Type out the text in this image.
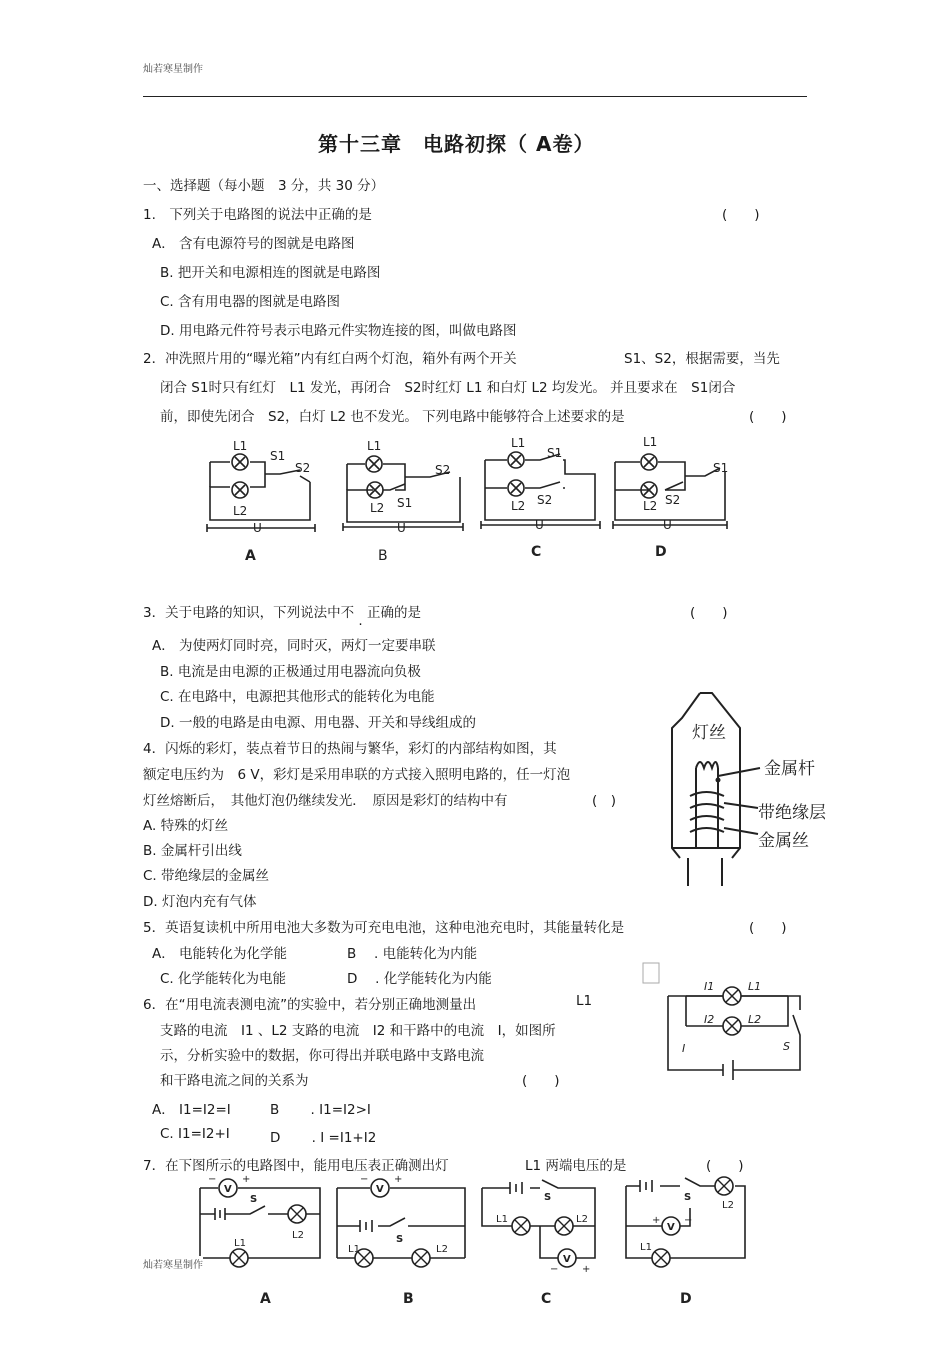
灿若寒星制作
第十三章　电路初探（ A卷）
一、选择题（每小题　3 分，共 30 分）
1.　下列关于电路图的说法中正确的是	(　　)
A． 含有电源符号的图就是电路图
B. 把开关和电源相连的图就是电路图
C. 含有用电器的图就是电路图
D. 用电路元件符号表示电路元件实物连接的图，叫做电路图
2．冲洗照片用的“曝光箱”内有红白两个灯泡，箱外有两个开关	S1、S2，根据需要，当先
闭合 S1时只有红灯　L1 发光，再闭合　S2时红灯 L1 和白灯 L2 均发光。 并且要求在　S1闭合
前，即使先闭合　S2，白灯 L2 也不发光。 下列电路中能够符合上述要求的是	(　　)
L1
S1
S2
L2
U
L1
S2
L2 S1
U
L1
S1
S2
L2
U
L1
S1
S2
L2
U
A	B	C	D
3．关于电路的知识，下列说法中不 . 正确的是	(　　)
A． 为使两灯同时亮，同时灭，两灯一定要串联
B. 电流是由电源的正极通过用电器流向负极
C. 在电路中，电源把其他形式的能转化为电能
D. 一般的电路是由电源、用电器、开关和导线组成的
4．闪烁的彩灯，装点着节日的热闹与繁华，彩灯的内部结构如图，其
额定电压约为　6 V，彩灯是采用串联的方式接入照明电路的，任一灯泡
灯丝熔断后，　其他灯泡仍继续发光．　原因是彩灯的结构中有	(　)
A. 特殊的灯丝
B. 金属杆引出线
C. 带绝缘层的金属丝
D. 灯泡内充有气体
灯丝
金属杆
带绝缘层
金属丝
5．英语复读机中所用电池大多数为可充电电池，这种电池充电时，其能量转化是	(　　)
A． 电能转化为化学能	B　 . 电能转化为内能
C. 化学能转化为电能	D　 . 化学能转化为内能
6．在“用电流表测电流”的实验中，若分别正确地测量出	L1
支路的电流　I1 、L2 支路的电流　I2 和干路中的电流　I，如图所
示，分析实验中的数据，你可得出并联电路中支路电流
和干路电流之间的关系为	(　　)
A． I1=I2=I	B　　 . I1=I2>I
C. I1=I2+I	D　　 . I =I1+I2
I1	L1
I2	L2
I	S
7．在下图所示的电路图中，能用电压表正确测出灯	L1 两端电压的是	(　　)
V
−	+
S
L2
L1
V
−	+
S
L1	L2
S
L1	L2
V
− +
S
L2
V
+ −
L1
A	B	C	D
灿若寒星制作
